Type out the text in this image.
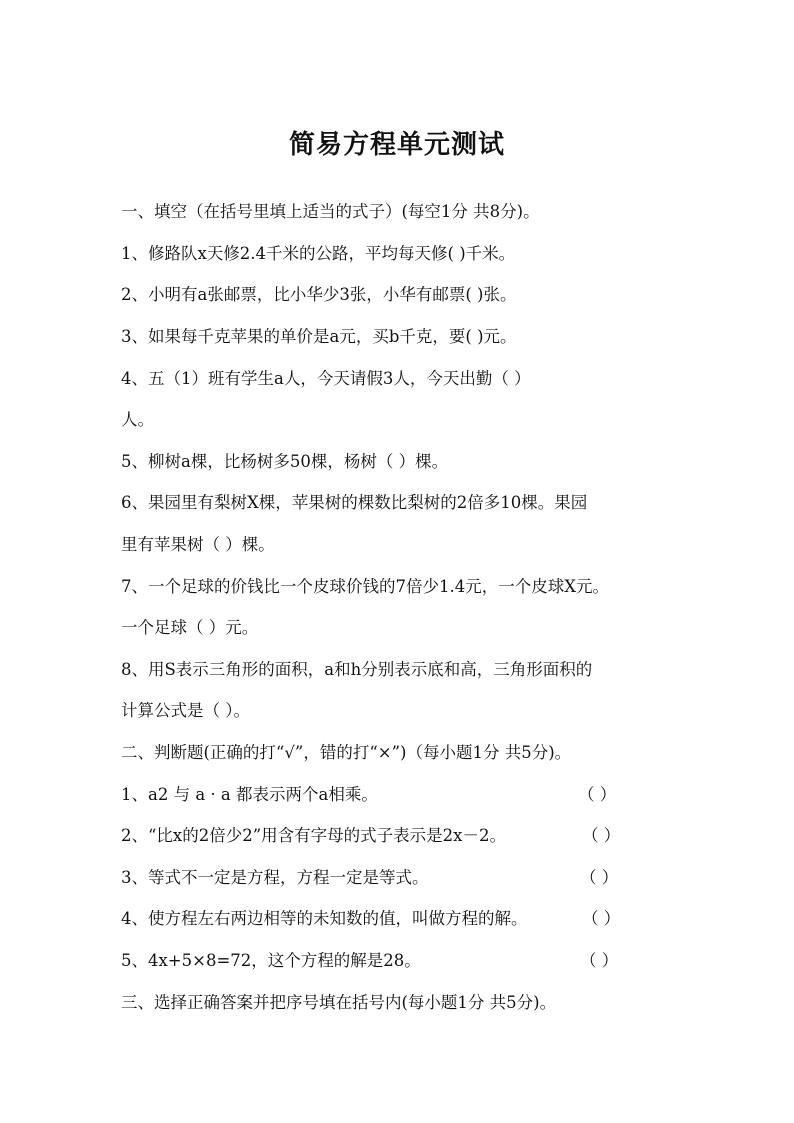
简易方程单元测试
一、填空（在括号里填上适当的式子）(每空1分 共8分)。
1、修路队x天修2.4千米的公路，平均每天修( )千米。
2、小明有a张邮票，比小华少3张，小华有邮票( )张。
3、如果每千克苹果的单价是a元，买b千克，要( )元。
4、五（1）班有学生a人，今天请假3人，今天出勤（ ）
人。
5、柳树a棵，比杨树多50棵，杨树（ ）棵。
6、果园里有梨树X棵，苹果树的棵数比梨树的2倍多10棵。果园
里有苹果树（ ）棵。
7、一个足球的价钱比一个皮球价钱的7倍少1.4元，一个皮球X元。
一个足球（ ）元。
8、用S表示三角形的面积，a和h分别表示底和高，三角形面积的
计算公式是（ ）。
二、判断题(正确的打“√”，错的打“×”)（每小题1分 共5分)。
1、a2 与 a · a 都表示两个a相乘。	（ ）
2、“比x的2倍少2”用含有字母的式子表示是2x－2。	（ ）
3、等式不一定是方程，方程一定是等式。	（ ）
4、使方程左右两边相等的未知数的值，叫做方程的解。	（ ）
5、4x+5×8=72，这个方程的解是28。	（ ）
三、选择正确答案并把序号填在括号内(每小题1分 共5分)。
